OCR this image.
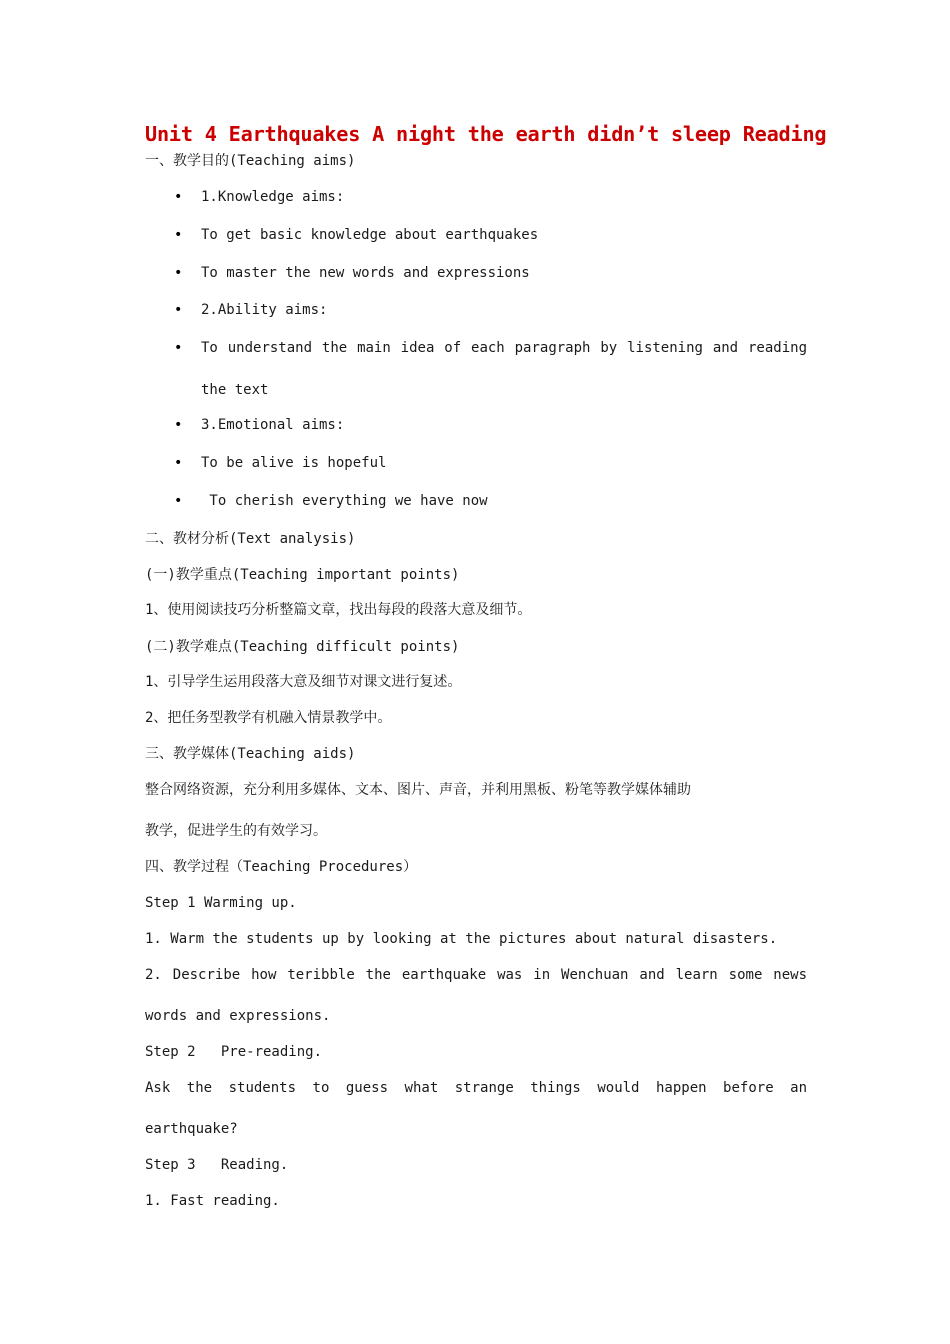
Unit 4 Earthquakes A night the earth didn’t sleep Reading
一、教学目的(Teaching aims)
• 1.Knowledge aims:
• To get basic knowledge about earthquakes
• To master the new words and expressions
• 2.Ability aims:
• To understand the main idea of each paragraph by listening and reading
the text
• 3.Emotional aims:
• To be alive is hopeful
• To cherish everything we have now
二、教材分析(Text analysis)
(一)教学重点(Teaching important points)
1、使用阅读技巧分析整篇文章，找出每段的段落大意及细节。
(二)教学难点(Teaching difficult points)
1、引导学生运用段落大意及细节对课文进行复述。
2、把任务型教学有机融入情景教学中。
三、教学媒体(Teaching aids)
整合网络资源，充分利用多媒体、文本、图片、声音，并利用黑板、粉笔等教学媒体辅助
教学，促进学生的有效学习。
四、教学过程（Teaching Procedures）
Step 1 Warming up.
1. Warm the students up by looking at the pictures about natural disasters.
2. Describe how teribble the earthquake was in Wenchuan and learn some news
words and expressions.
Step 2   Pre-reading.
Ask the students to guess what strange things would happen before an
earthquake?
Step 3   Reading.
1. Fast reading.
